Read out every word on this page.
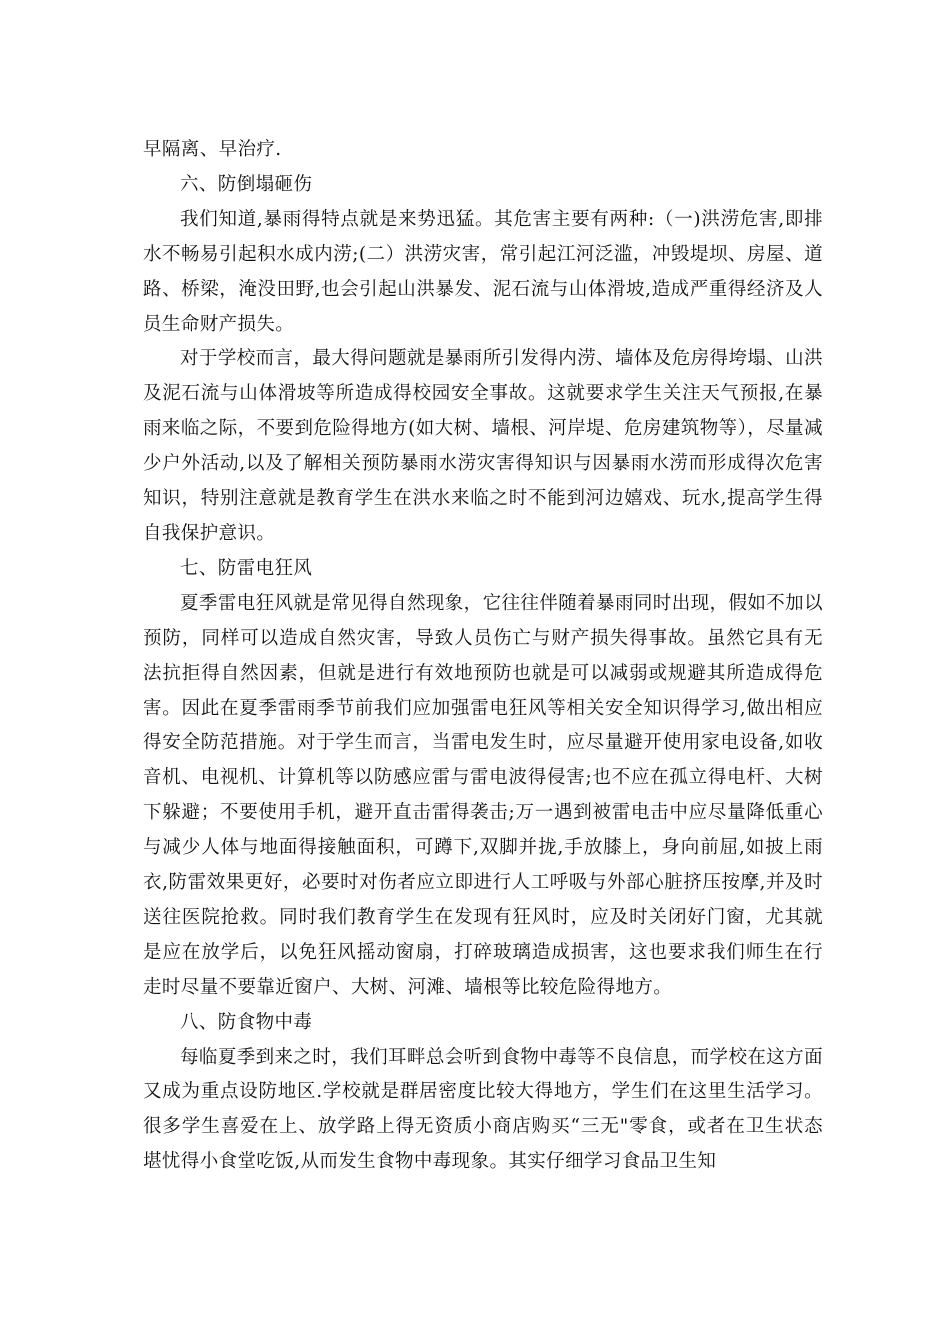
早隔离、早治疗.

六、防倒塌砸伤

我们知道,暴雨得特点就是来势迅猛。其危害主要有两种:（一)洪涝危害,即排水不畅易引起积水成内涝;(二）洪涝灾害，常引起江河泛滥，冲毁堤坝、房屋、道路、桥梁，淹没田野,也会引起山洪暴发、泥石流与山体滑坡,造成严重得经济及人员生命财产损失。

对于学校而言，最大得问题就是暴雨所引发得内涝、墙体及危房得垮塌、山洪及泥石流与山体滑坡等所造成得校园安全事故。这就要求学生关注天气预报,在暴雨来临之际，不要到危险得地方(如大树、墙根、河岸堤、危房建筑物等），尽量减少户外活动,以及了解相关预防暴雨水涝灾害得知识与因暴雨水涝而形成得次危害知识，特别注意就是教育学生在洪水来临之时不能到河边嬉戏、玩水,提高学生得自我保护意识。

七、防雷电狂风

夏季雷电狂风就是常见得自然现象，它往往伴随着暴雨同时出现，假如不加以预防，同样可以造成自然灾害，导致人员伤亡与财产损失得事故。虽然它具有无法抗拒得自然因素，但就是进行有效地预防也就是可以减弱或规避其所造成得危害。因此在夏季雷雨季节前我们应加强雷电狂风等相关安全知识得学习,做出相应得安全防范措施。对于学生而言，当雷电发生时，应尽量避开使用家电设备,如收音机、电视机、计算机等以防感应雷与雷电波得侵害;也不应在孤立得电杆、大树下躲避；不要使用手机，避开直击雷得袭击;万一遇到被雷电击中应尽量降低重心与减少人体与地面得接触面积，可蹲下,双脚并拢,手放膝上，身向前屈,如披上雨衣,防雷效果更好，必要时对伤者应立即进行人工呼吸与外部心脏挤压按摩,并及时送往医院抢救。同时我们教育学生在发现有狂风时，应及时关闭好门窗，尤其就是应在放学后，以免狂风摇动窗扇，打碎玻璃造成损害，这也要求我们师生在行走时尽量不要靠近窗户、大树、河滩、墙根等比较危险得地方。

八、防食物中毒

每临夏季到来之时，我们耳畔总会听到食物中毒等不良信息，而学校在这方面又成为重点设防地区.学校就是群居密度比较大得地方，学生们在这里生活学习。很多学生喜爱在上、放学路上得无资质小商店购买“三无"零食，或者在卫生状态堪忧得小食堂吃饭,从而发生食物中毒现象。其实仔细学习食品卫生知
